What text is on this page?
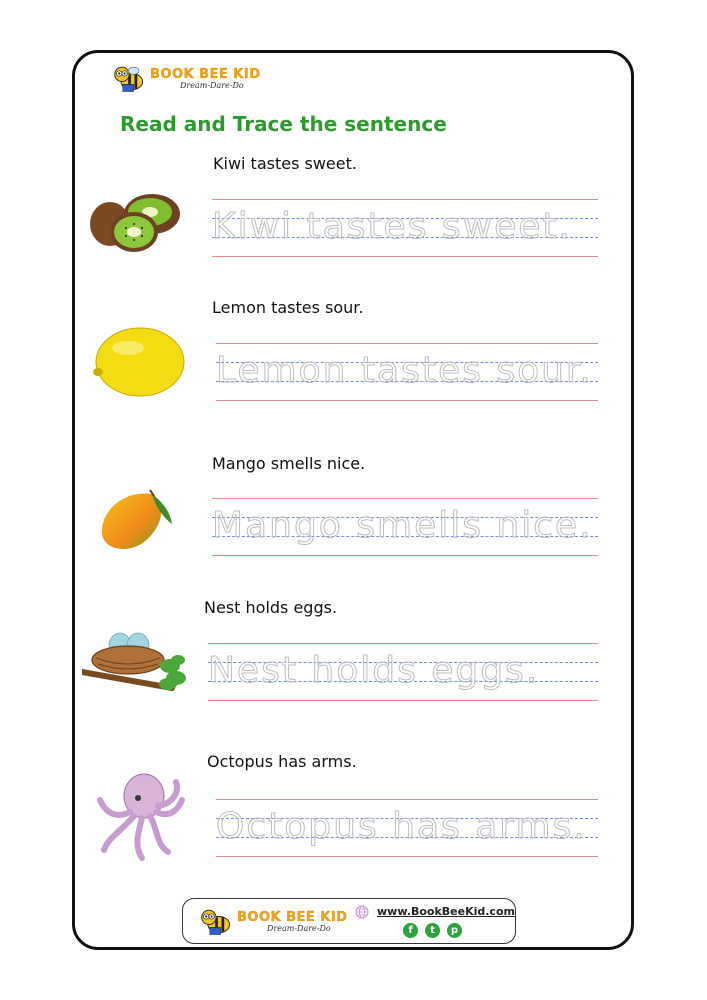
BOOK BEE KID
Dream-Dare-Do
Read and Trace the sentence
Kiwi tastes sweet.
Kiwi tastes sweet.
Lemon tastes sour.
Lemon tastes sour.
Mango smells nice.
Mango smells nice.
Nest holds eggs.
Nest holds eggs.
Octopus has arms.
Octopus has arms.
BOOK BEE KID
Dream-Dare-Do
www.BookBeeKid.com
f	t	p
